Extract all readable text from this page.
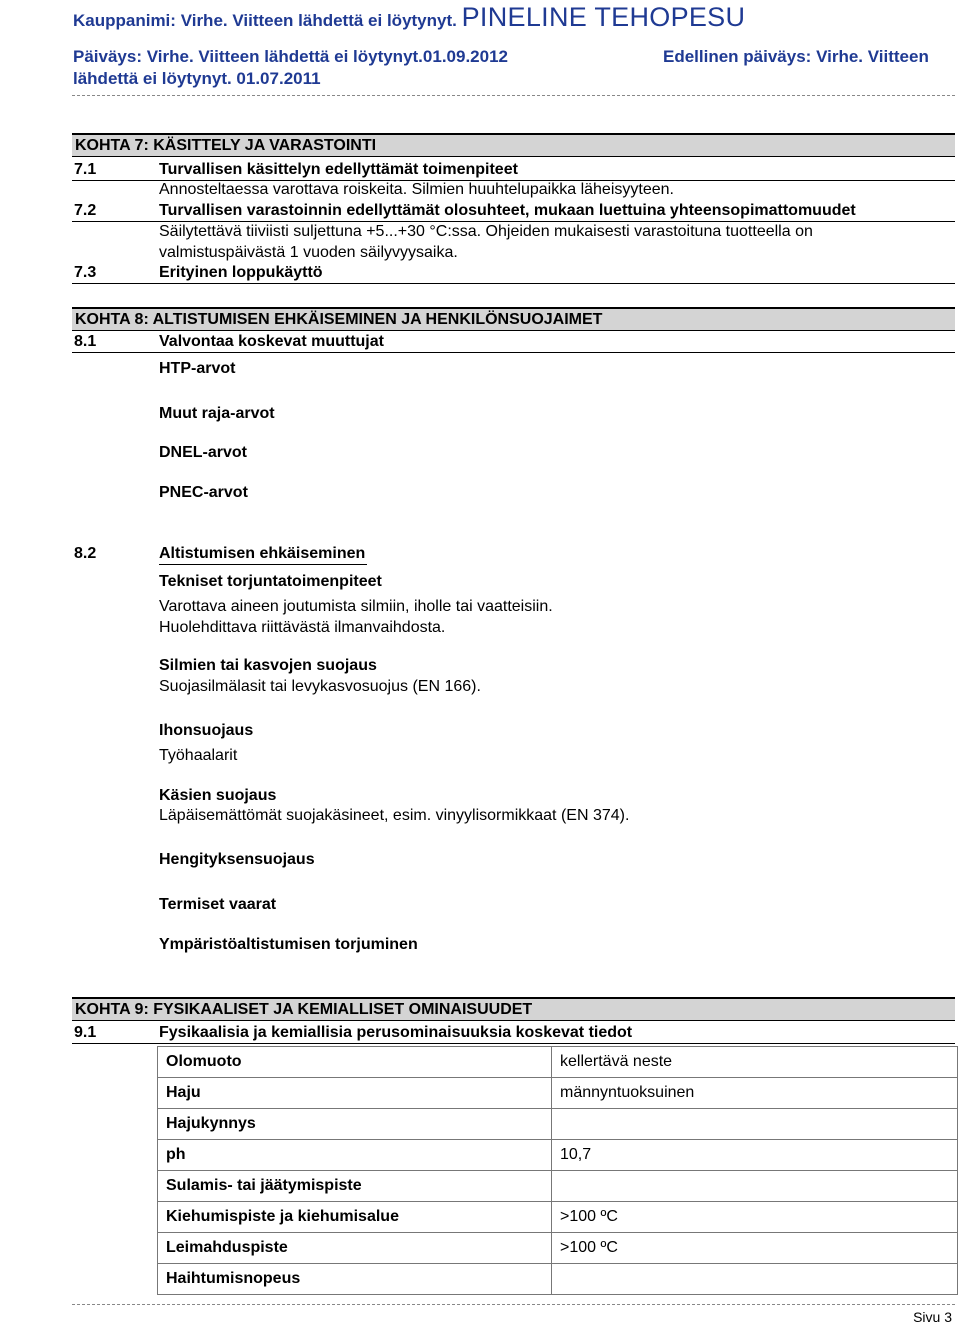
Kauppanimi: Virhe. Viitteen lähdettä ei löytynyt. PINELINE TEHOPESU
Päiväys: Virhe. Viitteen lähdettä ei löytynyt.01.09.2012	Edellinen päiväys: Virhe. Viitteen
lähdettä ei löytynyt. 01.07.2011
KOHTA 7: KÄSITTELY JA VARASTOINTI
7.1	Turvallisen käsittelyn edellyttämät toimenpiteet
Annosteltaessa varottava roiskeita. Silmien huuhtelupaikka läheisyyteen.
7.2	Turvallisen varastoinnin edellyttämät olosuhteet, mukaan luettuina yhteensopimattomuudet
Säilytettävä tiiviisti suljettuna +5...+30 °C:ssa. Ohjeiden mukaisesti varastoituna tuotteella on
valmistuspäivästä 1 vuoden säilyvyysaika.
7.3	Erityinen loppukäyttö
KOHTA 8: ALTISTUMISEN EHKÄISEMINEN JA HENKILÖNSUOJAIMET
8.1	Valvontaa koskevat muuttujat
HTP-arvot
Muut raja-arvot
DNEL-arvot
PNEC-arvot
8.2	Altistumisen ehkäiseminen
Tekniset torjuntatoimenpiteet
Varottava aineen joutumista silmiin, iholle tai vaatteisiin.
Huolehdittava riittävästä ilmanvaihdosta.
Silmien tai kasvojen suojaus
Suojasilmälasit tai levykasvosuojus (EN 166).
Ihonsuojaus
Työhaalarit
Käsien suojaus
Läpäisemättömät suojakäsineet, esim. vinyylisormikkaat (EN 374).
Hengityksensuojaus
Termiset vaarat
Ympäristöaltistumisen torjuminen
KOHTA 9: FYSIKAALISET JA KEMIALLISET OMINAISUUDET
9.1	Fysikaalisia ja kemiallisia perusominaisuuksia koskevat tiedot
Olomuoto	kellertävä neste
Haju	männyntuoksuinen
Hajukynnys	
ph	10,7
Sulamis- tai jäätymispiste	
Kiehumispiste ja kiehumisalue	>100 ºC
Leimahduspiste	>100 ºC
Haihtumisnopeus	
Sivu 3
